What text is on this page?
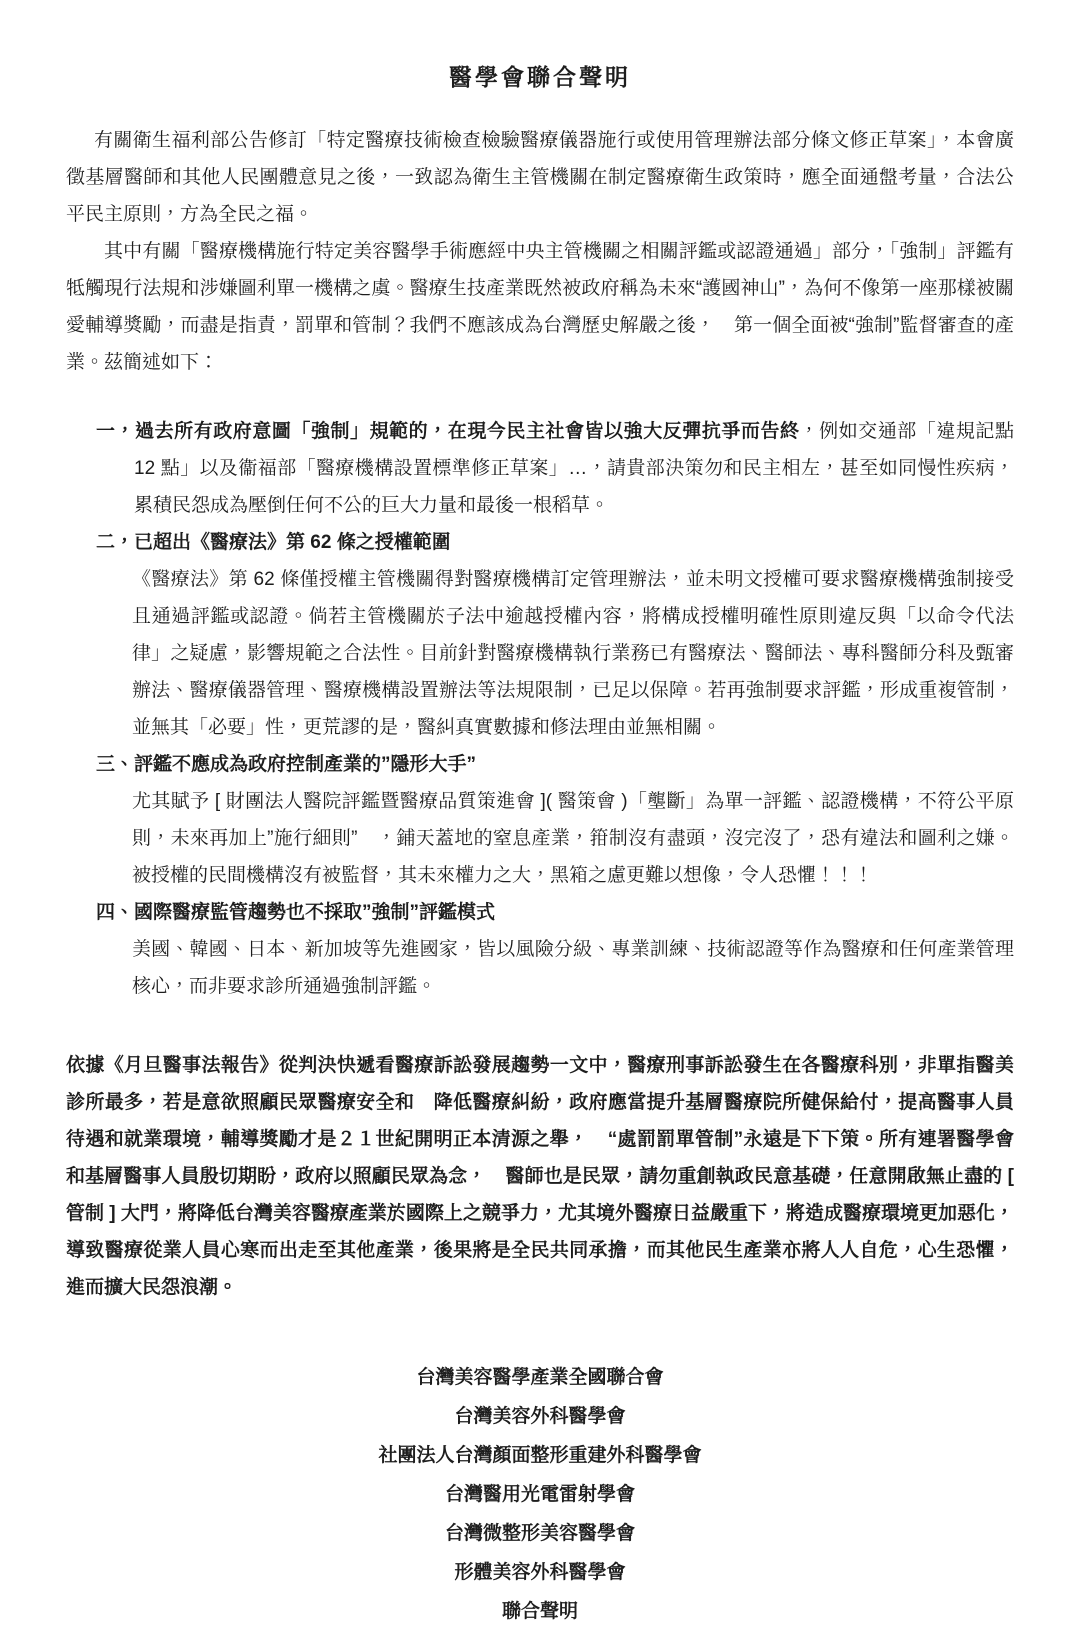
醫學會聯合聲明

有關衛生福利部公告修訂「特定醫療技術檢查檢驗醫療儀器施行或使用管理辦法部分條文修正草案」，本會廣徵基層醫師和其他人民團體意見之後，一致認為衛生主管機關在制定醫療衛生政策時，應全面通盤考量，合法公平民主原則，方為全民之福。

其中有關「醫療機構施行特定美容醫學手術應經中央主管機關之相關評鑑或認證通過」部分，「強制」評鑑有牴觸現行法規和涉嫌圖利單一機構之虞。醫療生技產業既然被政府稱為未來“護國神山”，為何不像第一座那樣被關愛輔導獎勵，而盡是指責，罰單和管制？我們不應該成為台灣歷史解嚴之後，　第一個全面被“強制”監督審查的產業。茲簡述如下：

一，過去所有政府意圖「強制」規範的，在現今民主社會皆以強大反彈抗爭而告終，例如交通部「違規記點 12 點」以及衞福部「醫療機構設置標準修正草案」…，請貴部決策勿和民主相左，甚至如同慢性疾病，累積民怨成為壓倒任何不公的巨大力量和最後一根稻草。

二，已超出《醫療法》第 62 條之授權範圍

《醫療法》第 62 條僅授權主管機關得對醫療機構訂定管理辦法，並未明文授權可要求醫療機構強制接受且通過評鑑或認證。倘若主管機關於子法中逾越授權內容，將構成授權明確性原則違反與「以命令代法律」之疑慮，影響規範之合法性。目前針對醫療機構執行業務已有醫療法、醫師法、專科醫師分科及甄審辦法、醫療儀器管理、醫療機構設置辦法等法規限制，已足以保障。若再強制要求評鑑，形成重複管制，並無其「必要」性，更荒謬的是，醫糾真實數據和修法理由並無相關。

三、評鑑不應成為政府控制產業的”隱形大手”

尤其賦予 [ 財團法人醫院評鑑暨醫療品質策進會 ]( 醫策會 )「壟斷」為單一評鑑、認證機構，不符公平原則，未來再加上”施行細則”　，鋪天蓋地的窒息產業，箝制沒有盡頭，沒完沒了，恐有違法和圖利之嫌。被授權的民間機構沒有被監督，其未來權力之大，黑箱之慮更難以想像，令人恐懼！！！

四、國際醫療監管趨勢也不採取”強制”評鑑模式

美國、韓國、日本、新加坡等先進國家，皆以風險分級、專業訓練、技術認證等作為醫療和任何產業管理核心，而非要求診所通過強制評鑑。

依據《月旦醫事法報告》從判決快遞看醫療訴訟發展趨勢一文中，醫療刑事訴訟發生在各醫療科別，非單指醫美診所最多，若是意欲照顧民眾醫療安全和　降低醫療糾紛，政府應當提升基層醫療院所健保給付，提高醫事人員待遇和就業環境，輔導獎勵才是２１世紀開明正本清源之舉，　“處罰罰單管制”永遠是下下策。所有連署醫學會和基層醫事人員殷切期盼，政府以照顧民眾為念，　醫師也是民眾，請勿重創執政民意基礎，任意開啟無止盡的 [ 管制 ] 大門，將降低台灣美容醫療產業於國際上之競爭力，尤其境外醫療日益嚴重下，將造成醫療環境更加惡化，導致醫療從業人員心寒而出走至其他產業，後果將是全民共同承擔，而其他民生產業亦將人人自危，心生恐懼，進而擴大民怨浪潮。

台灣美容醫學產業全國聯合會

台灣美容外科醫學會

社團法人台灣顏面整形重建外科醫學會

台灣醫用光電雷射學會

台灣微整形美容醫學會

形體美容外科醫學會

聯合聲明
